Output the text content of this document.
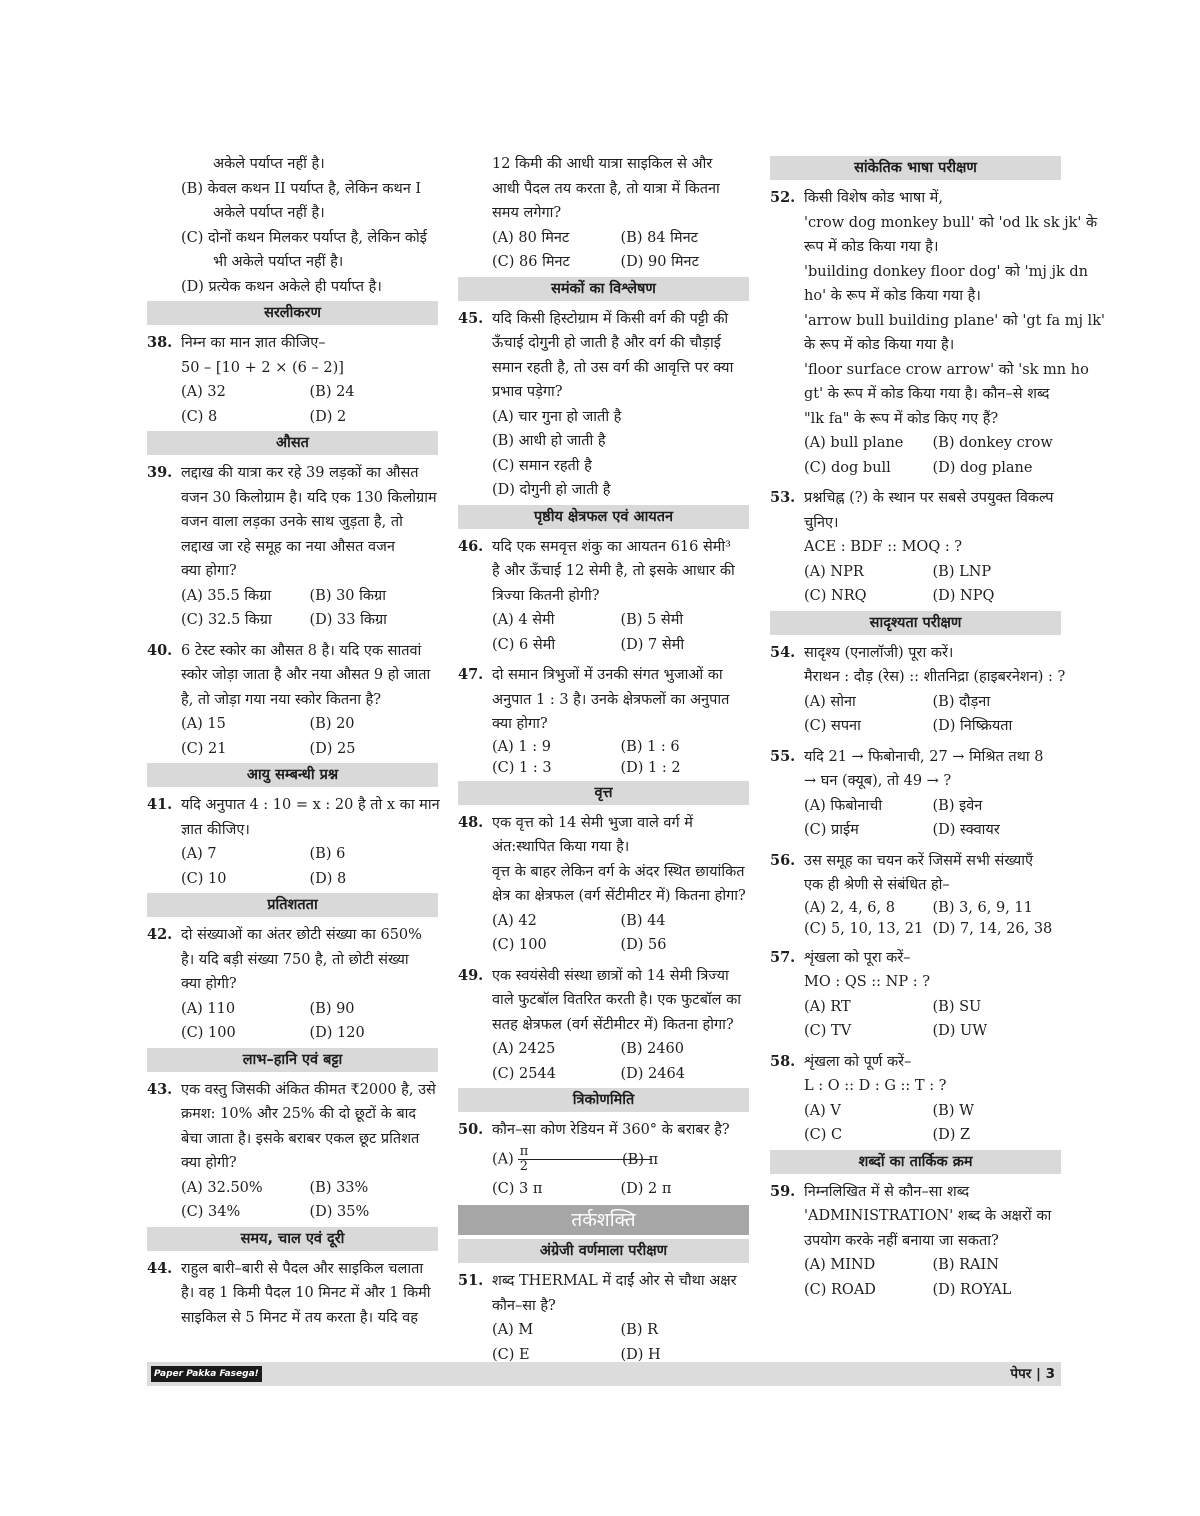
अकेले पर्याप्त नहीं है।
(B) केवल कथन II पर्याप्त है, लेकिन कथन I
अकेले पर्याप्त नहीं है।
(C) दोनों कथन मिलकर पर्याप्त है, लेकिन कोई
भी अकेले पर्याप्त नहीं है।
(D) प्रत्येक कथन अकेले ही पर्याप्त है।
सरलीकरण
38. निम्न का मान ज्ञात कीजिए–
50 – [10 + 2 × (6 – 2)]
(A) 32	(B) 24
(C) 8	(D) 2
औसत
39. लद्दाख की यात्रा कर रहे 39 लड़कों का औसत
वजन 30 किलोग्राम है। यदि एक 130 किलोग्राम
वजन वाला लड़का उनके साथ जुड़ता है, तो
लद्दाख जा रहे समूह का नया औसत वजन
क्या होगा?
(A) 35.5 किग्रा	(B) 30 किग्रा
(C) 32.5 किग्रा	(D) 33 किग्रा
40. 6 टेस्ट स्कोर का औसत 8 है। यदि एक सातवां
स्कोर जोड़ा जाता है और नया औसत 9 हो जाता
है, तो जोड़ा गया नया स्कोर कितना है?
(A) 15	(B) 20
(C) 21	(D) 25
आयु सम्बन्धी प्रश्न
41. यदि अनुपात 4 : 10 = x : 20 है तो x का मान
ज्ञात कीजिए।
(A) 7	(B) 6
(C) 10	(D) 8
प्रतिशतता
42. दो संख्याओं का अंतर छोटी संख्या का 650%
है। यदि बड़ी संख्या 750 है, तो छोटी संख्या
क्या होगी?
(A) 110	(B) 90
(C) 100	(D) 120
लाभ–हानि एवं बट्टा
43. एक वस्तु जिसकी अंकित कीमत ₹2000 है, उसे
क्रमश: 10% और 25% की दो छूटों के बाद
बेचा जाता है। इसके बराबर एकल छूट प्रतिशत
क्या होगी?
(A) 32.50%	(B) 33%
(C) 34%	(D) 35%
समय, चाल एवं दूरी
44. राहुल बारी–बारी से पैदल और साइकिल चलाता
है। वह 1 किमी पैदल 10 मिनट में और 1 किमी
साइकिल से 5 मिनट में तय करता है। यदि वह
12 किमी की आधी यात्रा साइकिल से और
आधी पैदल तय करता है, तो यात्रा में कितना
समय लगेगा?
(A) 80 मिनट	(B) 84 मिनट
(C) 86 मिनट	(D) 90 मिनट
समंकों का विश्लेषण
45. यदि किसी हिस्टोग्राम में किसी वर्ग की पट्टी की
ऊँचाई दोगुनी हो जाती है और वर्ग की चौड़ाई
समान रहती है, तो उस वर्ग की आवृत्ति पर क्या
प्रभाव पड़ेगा?
(A) चार गुना हो जाती है
(B) आधी हो जाती है
(C) समान रहती है
(D) दोगुनी हो जाती है
पृष्ठीय क्षेत्रफल एवं आयतन
46. यदि एक समवृत्त शंकु का आयतन 616 सेमी³
है और ऊँचाई 12 सेमी है, तो इसके आधार की
त्रिज्या कितनी होगी?
(A) 4 सेमी	(B) 5 सेमी
(C) 6 सेमी	(D) 7 सेमी
47. दो समान त्रिभुजों में उनकी संगत भुजाओं का
अनुपात 1 : 3 है। उनके क्षेत्रफलों का अनुपात
क्या होगा?
(A) 1 : 9	(B) 1 : 6
(C) 1 : 3	(D) 1 : 2
वृत्त
48. एक वृत्त को 14 सेमी भुजा वाले वर्ग में
अंत:स्थापित किया गया है।
वृत्त के बाहर लेकिन वर्ग के अंदर स्थित छायांकित
क्षेत्र का क्षेत्रफल (वर्ग सेंटीमीटर में) कितना होगा?
(A) 42	(B) 44
(C) 100	(D) 56
49. एक स्वयंसेवी संस्था छात्रों को 14 सेमी त्रिज्या
वाले फुटबॉल वितरित करती है। एक फुटबॉल का
सतह क्षेत्रफल (वर्ग सेंटीमीटर में) कितना होगा?
(A) 2425	(B) 2460
(C) 2544	(D) 2464
त्रिकोणमिति
50. कौन–सा कोण रेडियन में 360° के बराबर है?
$(A) \frac{\pi}{2}$
(B) π
(C) 3 π	(D) 2 π
तर्कशक्ति
अंग्रेजी वर्णमाला परीक्षण
51. शब्द THERMAL में दाईं ओर से चौथा अक्षर
कौन–सा है?
(A) M	(B) R
(C) E	(D) H
सांकेतिक भाषा परीक्षण
52. किसी विशेष कोड भाषा में,
'crow dog monkey bull' को 'od lk sk jk' के
रूप में कोड किया गया है।
'building donkey floor dog' को 'mj jk dn
ho' के रूप में कोड किया गया है।
'arrow bull building plane' को 'gt fa mj lk'
के रूप में कोड किया गया है।
'floor surface crow arrow' को 'sk mn ho
gt' के रूप में कोड किया गया है। कौन–से शब्द
"lk fa" के रूप में कोड किए गए हैं?
(A) bull plane	(B) donkey crow
(C) dog bull	(D) dog plane
53. प्रश्नचिह्न (?) के स्थान पर सबसे उपयुक्त विकल्प
चुनिए।
ACE : BDF :: MOQ : ?
(A) NPR	(B) LNP
(C) NRQ	(D) NPQ
सादृश्यता परीक्षण
54. सादृश्य (एनालॉजी) पूरा करें।
मैराथन : दौड़ (रेस) :: शीतनिद्रा (हाइबरनेशन) : ?
(A) सोना	(B) दौड़ना
(C) सपना	(D) निष्क्रियता
55. यदि 21 → फिबोनाची, 27 → मिश्रित तथा 8
→ घन (क्यूब), तो 49 → ?
(A) फिबोनाची	(B) इवेन
(C) प्राईम	(D) स्क्वायर
56. उस समूह का चयन करें जिसमें सभी संख्याएँ
एक ही श्रेणी से संबंधित हो–
(A) 2, 4, 6, 8	(B) 3, 6, 9, 11
(C) 5, 10, 13, 21 (D) 7, 14, 26, 38
57. शृंखला को पूरा करें–
MO : QS :: NP : ?
(A) RT	(B) SU
(C) TV	(D) UW
58. शृंखला को पूर्ण करें–
L : O :: D : G :: T : ?
(A) V	(B) W
(C) C	(D) Z
शब्दों का तार्किक क्रम
59. निम्नलिखित में से कौन–सा शब्द
'ADMINISTRATION' शब्द के अक्षरों का
उपयोग करके नहीं बनाया जा सकता?
(A) MIND	(B) RAIN
(C) ROAD	(D) ROYAL
Paper Pakka Fasega!	पेपर | 3
